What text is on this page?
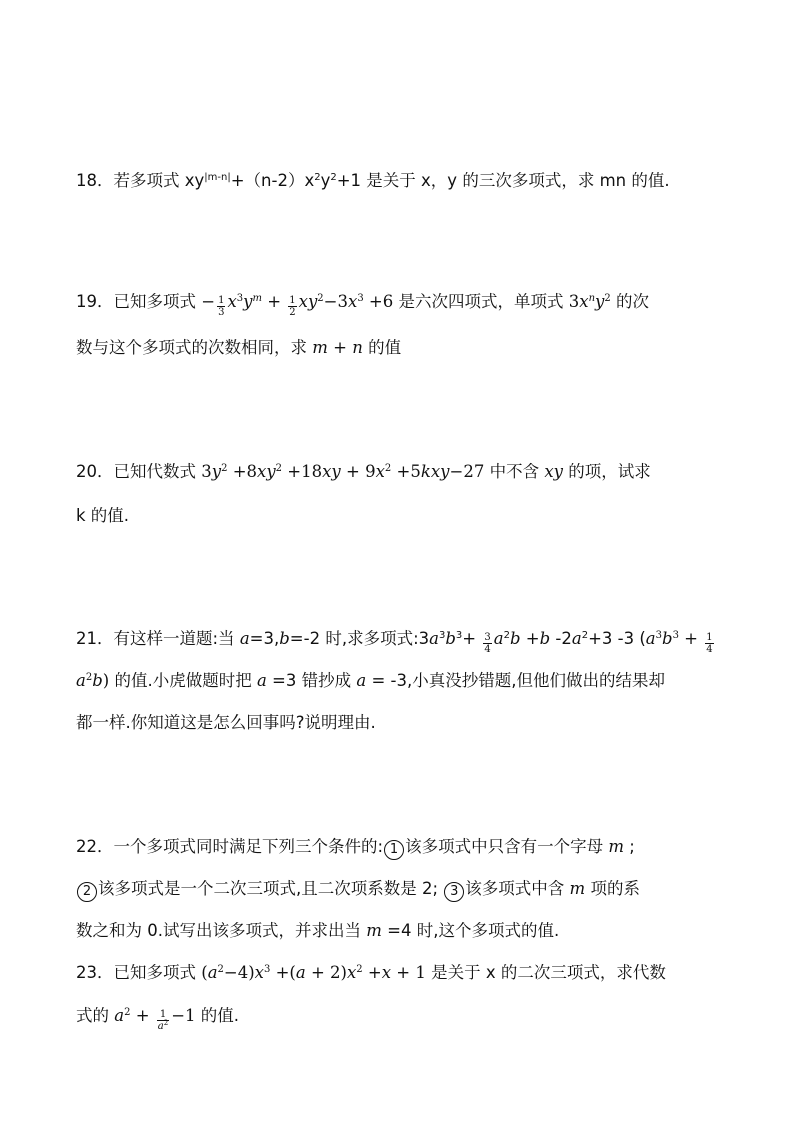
18．若多项式 $xy^{|m-n|}+(n-2)x^2y^2+1$ 是关于 x，y 的三次多项式，求 mn 的值.
19．已知多项式 − $\frac{1}{3} x^3y^m + \frac{1}{2} xy^2-3x^3 +6$ 是六次四项式，单项式 $3x^ny^2$ 的次
数与这个多项式的次数相同，求 m + n 的值
20．已知代数式 $3y^2 +8xy^2 +18xy + 9x^2 +5kxy-27$ 中不含 xy 的项，试求
k 的值.
21．有这样一道题:当 a=3,b=-2 时,求多项式$:3a^3b^3+ \frac{3}{4} a^2b +b$ $-2a^2+3$ -3 ($a^3b^3 + \frac{1}{4}$
$a^2b$) 的值.小虎做题时把 a =3 错抄成 a = -3,小真没抄错题,但他们做出的结果却
都一样.你知道这是怎么回事吗?说明理由.
22．一个多项式同时满足下列三个条件的: 1 该多项式中只含有一个字母 m ;
2 该多项式是一个二次三项式,且二次项系数是 2; 3 该多项式中含 m 项的系
数之和为 0.试写出该多项式，并求出当 m =4 时,这个多项式的值.
23．已知多项式 $(a^2-4)x^3 +(a + 2)x^2 +x + 1$ 是关于 x 的二次三项式，求代数
式的 $a^2 + \frac{1}{a^2} -1$ 的值.
